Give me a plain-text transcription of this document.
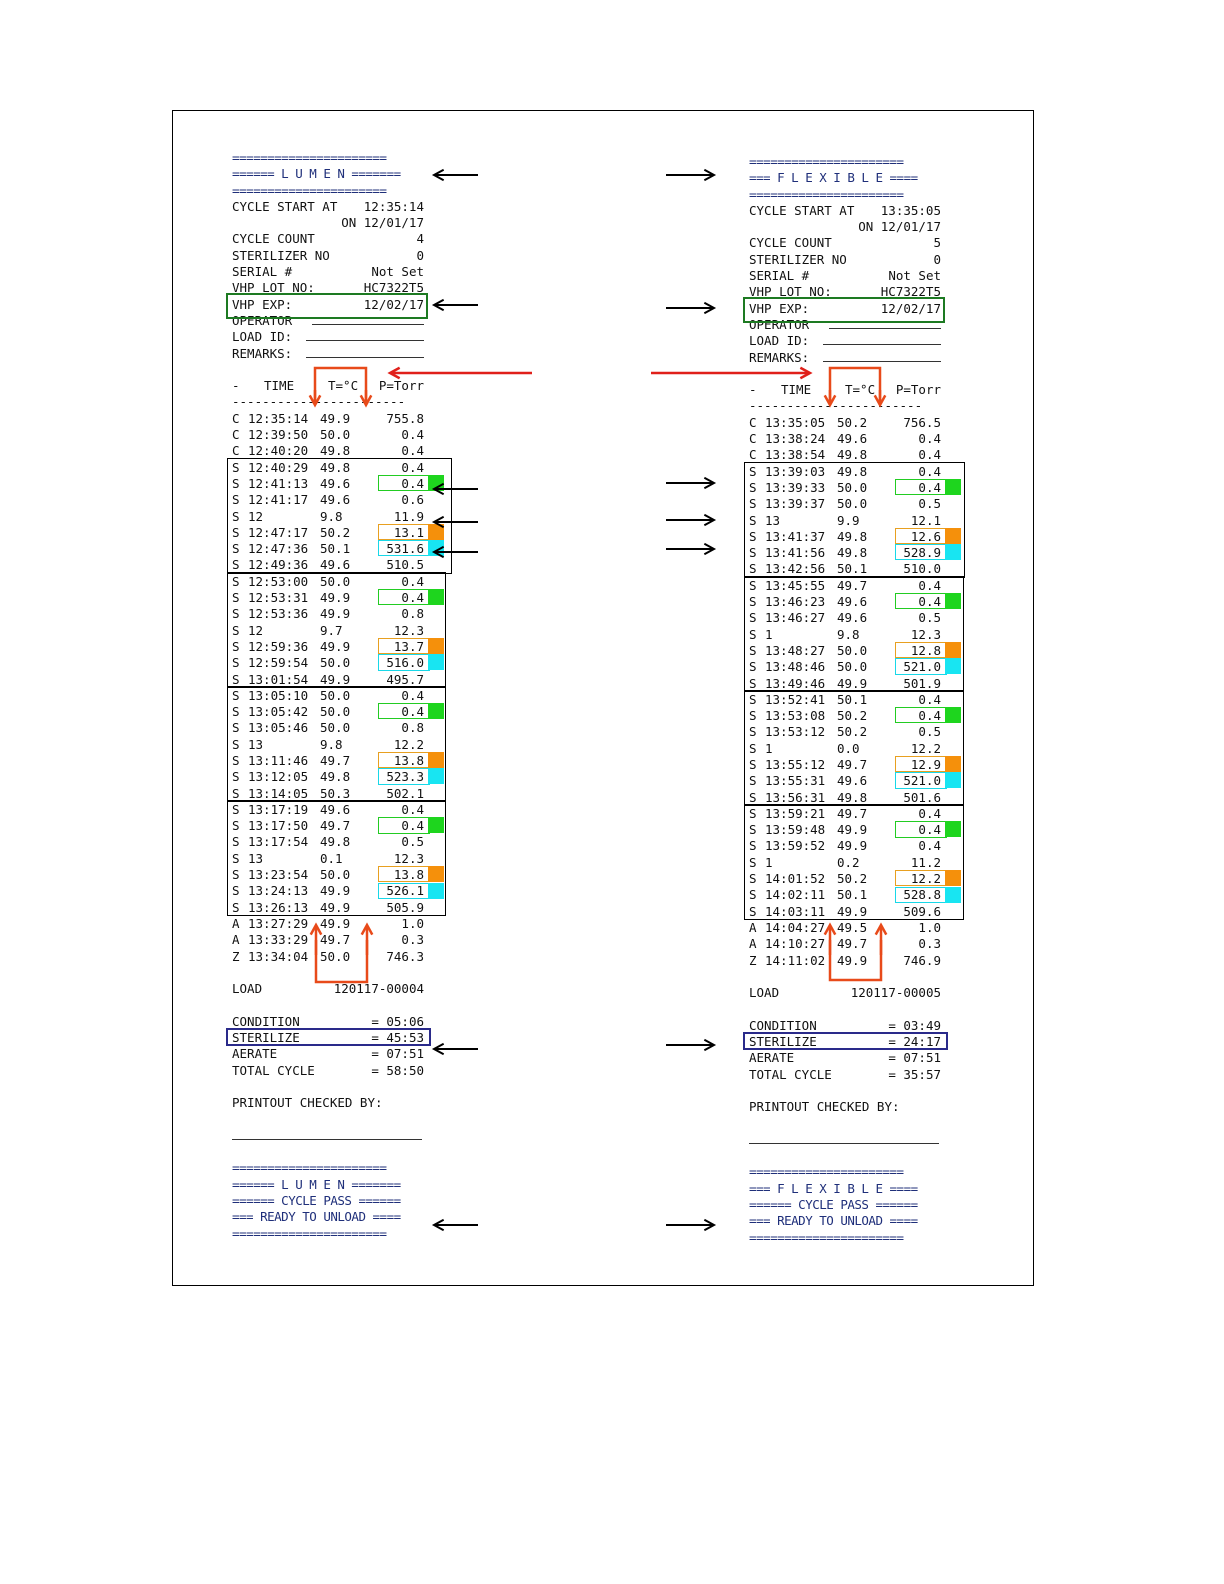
======================
====== L U M E N =======
======================
CYCLE START AT 12:35:14
ON 12/01/17
CYCLE COUNT	4
STERILIZER NO	0
SERIAL #	Not Set
VHP LOT NO:	HC7322T5
VHP EXP:	12/02/17
OPERATOR
LOAD ID:
REMARKS:
- TIME	T=°C P=Torr
-----------------------
C 12:35:14 49.9	755.8
C 12:39:50 50.0	0.4
C 12:40:20 49.8	0.4
S 12:40:29 49.8	0.4
S 12:41:13 49.6	0.4
S 12:41:17 49.6	0.6
S 12	9.8	11.9
S 12:47:17 50.2	13.1
S 12:47:36 50.1	531.6
S 12:49:36 49.6	510.5
S 12:53:00 50.0	0.4
S 12:53:31 49.9	0.4
S 12:53:36 49.9	0.8
S 12	9.7	12.3
S 12:59:36 49.9	13.7
S 12:59:54 50.0	516.0
S 13:01:54 49.9	495.7
S 13:05:10 50.0	0.4
S 13:05:42 50.0	0.4
S 13:05:46 50.0	0.8
S 13	9.8	12.2
S 13:11:46 49.7	13.8
S 13:12:05 49.8	523.3
S 13:14:05 50.3	502.1
S 13:17:19 49.6	0.4
S 13:17:50 49.7	0.4
S 13:17:54 49.8	0.5
S 13	0.1	12.3
S 13:23:54 50.0	13.8
S 13:24:13 49.9	526.1
S 13:26:13 49.9	505.9
A 13:27:29 49.9	1.0
A 13:33:29 49.7	0.3
Z 13:34:04 50.0	746.3
LOAD	120117-00004
CONDITION	= 05:06
STERILIZE	= 45:53
AERATE	= 07:51
TOTAL CYCLE	= 58:50
PRINTOUT CHECKED BY:
======================
====== L U M E N =======
====== CYCLE PASS ======
=== READY TO UNLOAD ====
======================
======================
=== F L E X I B L E ====
======================
CYCLE START AT 13:35:05
ON 12/01/17
CYCLE COUNT	5
STERILIZER NO	0
SERIAL #	Not Set
VHP LOT NO:	HC7322T5
VHP EXP:	12/02/17
OPERATOR
LOAD ID:
REMARKS:
- TIME	T=°C P=Torr
-----------------------
C 13:35:05 50.2	756.5
C 13:38:24 49.6	0.4
C 13:38:54 49.8	0.4
S 13:39:03 49.8	0.4
S 13:39:33 50.0	0.4
S 13:39:37 50.0	0.5
S 13	9.9	12.1
S 13:41:37 49.8	12.6
S 13:41:56 49.8	528.9
S 13:42:56 50.1	510.0
S 13:45:55 49.7	0.4
S 13:46:23 49.6	0.4
S 13:46:27 49.6	0.5
S 1	9.8	12.3
S 13:48:27 50.0	12.8
S 13:48:46 50.0	521.0
S 13:49:46 49.9	501.9
S 13:52:41 50.1	0.4
S 13:53:08 50.2	0.4
S 13:53:12 50.2	0.5
S 1	0.0	12.2
S 13:55:12 49.7	12.9
S 13:55:31 49.6	521.0
S 13:56:31 49.8	501.6
S 13:59:21 49.7	0.4
S 13:59:48 49.9	0.4
S 13:59:52 49.9	0.4
S 1	0.2	11.2
S 14:01:52 50.2	12.2
S 14:02:11 50.1	528.8
S 14:03:11 49.9	509.6
A 14:04:27 49.5	1.0
A 14:10:27 49.7	0.3
Z 14:11:02 49.9	746.9
LOAD	120117-00005
CONDITION	= 03:49
STERILIZE	= 24:17
AERATE	= 07:51
TOTAL CYCLE	= 35:57
PRINTOUT CHECKED BY:
======================
=== F L E X I B L E ====
====== CYCLE PASS ======
=== READY TO UNLOAD ====
======================
